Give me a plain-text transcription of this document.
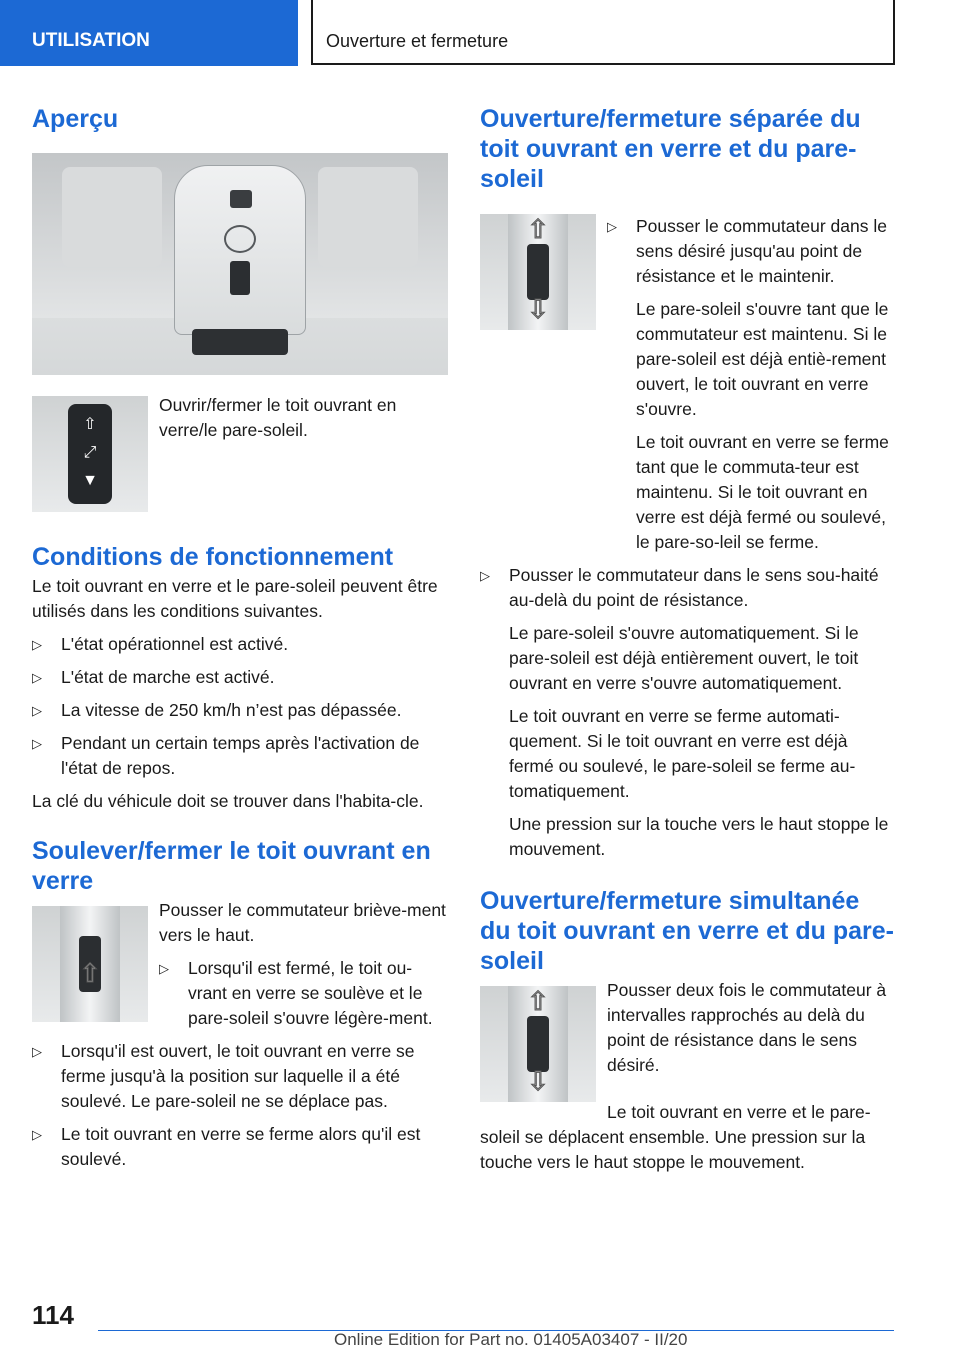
UTILISATION	Ouverture et fermeture
Aperçu
⇧
⤢
▼

Ouvrir/fermer le toit ouvrant en verre/le pare-soleil.

Conditions de fonctionnement

Le toit ouvrant en verre et le pare-soleil peuvent être utilisés dans les conditions suivantes.

▷ L'état opérationnel est activé.
▷ L'état de marche est activé.
▷ La vitesse de 250 km/h n’est pas dépassée.
▷ Pendant un certain temps après l'activation de l'état de repos.

La clé du véhicule doit se trouver dans l'habita-cle.

Soulever/fermer le toit ouvrant en verre
⇧

Pousser le commutateur briève-ment vers le haut.

▷ Lorsqu'il est fermé, le toit ou-vrant en verre se soulève et le pare-soleil s'ouvre légère-ment.
▷ Lorsqu'il est ouvert, le toit ouvrant en verre se ferme jusqu'à la position sur laquelle il a été soulevé. Le pare-soleil ne se déplace pas.
▷ Le toit ouvrant en verre se ferme alors qu'il est soulevé.
Ouverture/fermeture séparée du toit ouvrant en verre et du pare-soleil
⇧
⇩
▷ Pousser le commutateur dans le sens désiré jusqu'au point de résistance et le maintenir.

Le pare-soleil s'ouvre tant que le commutateur est maintenu. Si le pare-soleil est déjà entiè-rement ouvert, le toit ouvrant en verre s'ouvre.

Le toit ouvrant en verre se ferme tant que le commuta-teur est maintenu. Si le toit ouvrant en verre est déjà fermé ou soulevé, le pare-so-leil se ferme.

▷ Pousser le commutateur dans le sens sou-haité au-delà du point de résistance.

Le pare-soleil s'ouvre automatiquement. Si le pare-soleil est déjà entièrement ouvert, le toit ouvrant en verre s'ouvre automatiquement.

Le toit ouvrant en verre se ferme automati-quement. Si le toit ouvrant en verre est déjà fermé ou soulevé, le pare-soleil se ferme au-tomatiquement.

Une pression sur la touche vers le haut stoppe le mouvement.

Ouverture/fermeture simultanée du toit ouvrant en verre et du pare-soleil
⇧
⇩

Pousser deux fois le commutateur à intervalles rapprochés au delà du point de résistance dans le sens désiré.

Le toit ouvrant en verre et le pare-soleil se déplacent ensemble. Une pression sur la touche vers le haut stoppe le mouvement.

114
Online Edition for Part no. 01405A03407 - II/20
